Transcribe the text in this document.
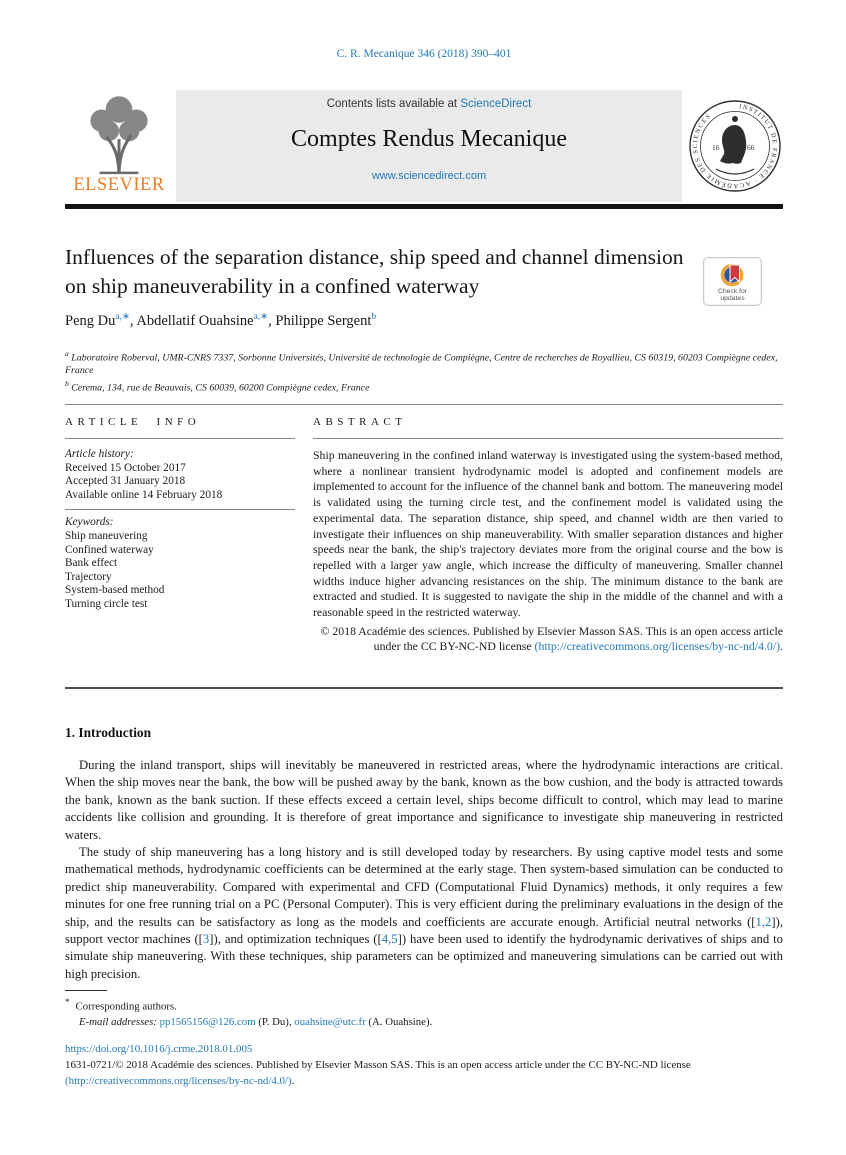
C. R. Mecanique 346 (2018) 390–401
ELSEVIER
Contents lists available at ScienceDirect
Comptes Rendus Mecanique
www.sciencedirect.com
INSTITUT DE FRANCE · ACADÉMIE DES SCIENCES
16	66
Influences of the separation distance, ship speed and channel dimension on ship maneuverability in a confined waterway	Check for
updates
Peng $Du^{a,∗}$, Abdellatif Ouahsine$^{a,∗}$, Philippe Sergent$^b$
$^a$ Laboratoire Roberval, UMR-CNRS 7337, Sorbonne Universités, Université de technologie de Compiègne, Centre de recherches de Royallieu, CS 60319, 60203 Compiègne cedex, France
$^b$ Cerema, 134, rue de Beauvais, CS 60039, 60200 Compiègne cedex, France
ARTICLE INFO
Article history:
Received 15 October 2017
Accepted 31 January 2018
Available online 14 February 2018
Keywords:
Ship maneuvering
Confined waterway
Bank effect
Trajectory
System-based method
Turning circle test
ABSTRACT
Ship maneuvering in the confined inland waterway is investigated using the system-based method, where a nonlinear transient hydrodynamic model is adopted and confinement models are implemented to account for the influence of the channel bank and bottom. The maneuvering model is validated using the turning circle test, and the confinement model is validated using the experimental data. The separation distance, ship speed, and channel width are then varied to investigate their influences on ship maneuverability. With smaller separation distances and higher speeds near the bank, the ship's trajectory deviates more from the original course and the bow is repelled with a larger yaw angle, which increase the difficulty of maneuvering. Smaller channel widths induce higher advancing resistances on the ship. The minimum distance to the bank are extracted and studied. It is suggested to navigate the ship in the middle of the channel and with a reasonable speed in the restricted waterway.
© 2018 Académie des sciences. Published by Elsevier Masson SAS. This is an open access article under the CC BY-NC-ND license (http://creativecommons.org/licenses/by-nc-nd/4.0/).
1. Introduction

During the inland transport, ships will inevitably be maneuvered in restricted areas, where the hydrodynamic interactions are critical. When the ship moves near the bank, the bow will be pushed away by the bank, known as the bow cushion, and the body is attracted towards the bank, known as the bank suction. If these effects exceed a certain level, ships become difficult to control, which may lead to marine accidents like collision and grounding. It is therefore of great importance and significance to investigate ship maneuvering in restricted waters.

The study of ship maneuvering has a long history and is still developed today by researchers. By using captive model tests and some mathematical methods, hydrodynamic coefficients can be determined at the early stage. Then system-based simulation can be conducted to predict ship maneuverability. Compared with experimental and CFD (Computational Fluid Dynamics) methods, it only requires a few minutes for one free running trial on a PC (Personal Computer). This is very efficient during the preliminary evaluations in the design of the ship, and the results can be satisfactory as long as the models and coefficients are accurate enough. Artificial neutral networks ([1,2]), support vector machines ([3]), and optimization techniques ([4,5]) have been used to identify the hydrodynamic derivatives of ships and to simulate ship maneuvering. With these techniques, ship parameters can be optimized and maneuvering simulations can be carried out with high precision.

* Corresponding authors.
E-mail addresses: pp1565156@126.com (P. Du), ouahsine@utc.fr (A. Ouahsine).
https://doi.org/10.1016/j.crme.2018.01.005
1631-0721/© 2018 Académie des sciences. Published by Elsevier Masson SAS. This is an open access article under the CC BY-NC-ND license
(http://creativecommons.org/licenses/by-nc-nd/4.0/).
